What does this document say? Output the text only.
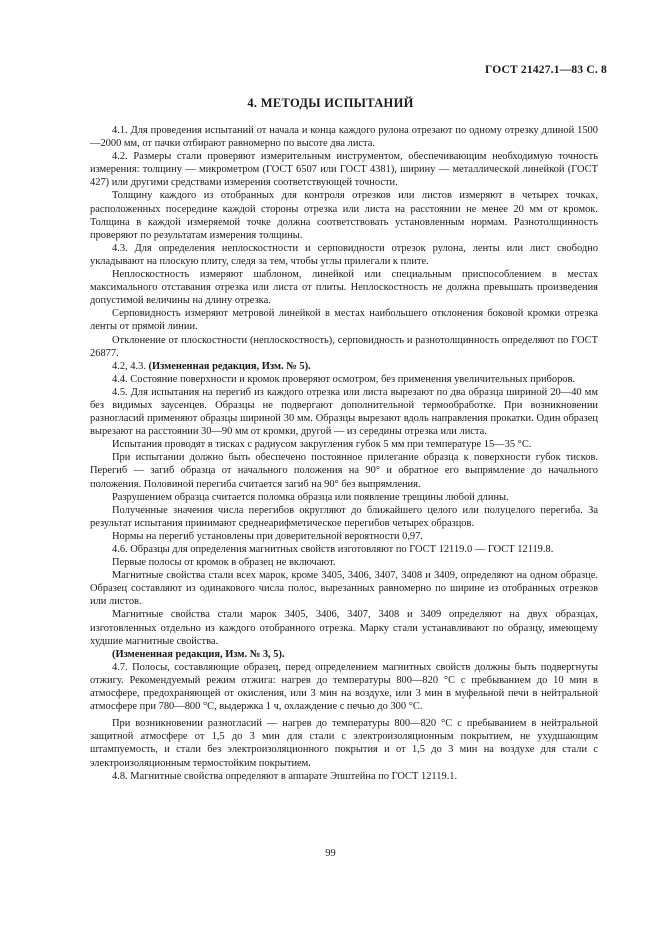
ГОСТ 21427.1—83 С. 8
4. МЕТОДЫ ИСПЫТАНИЙ

4.1. Для проведения испытаний от начала и конца каждого рулона отрезают по одному отрезку длиной 1500—2000 мм, от пачки отбирают равномерно по высоте два листа.

4.2. Размеры стали проверяют измерительным инструментом, обеспечивающим необходимую точность измерения: толщину — микрометром (ГОСТ 6507 или ГОСТ 4381), ширину — металлической линейкой (ГОСТ 427) или другими средствами измерения соответствующей точности.

Толщину каждого из отобранных для контроля отрезков или листов измеряют в четырех точках, расположенных посередине каждой стороны отрезка или листа на расстоянии не менее 20 мм от кромок. Толщина в каждой измеряемой точке должна соответствовать установленным нормам. Разнотолщинность проверяют по результатам измерения толщины.

4.3. Для определения неплоскостности и серповидности отрезок рулона, ленты или лист свободно укладывают на плоскую плиту, следя за тем, чтобы углы прилегали к плите.

Неплоскостность измеряют шаблоном, линейкой или специальным приспособлением в местах максимального отставания отрезка или листа от плиты. Неплоскостность не должна превышать произведения допустимой величины на длину отрезка.

Серповидность измеряют метровой линейкой в местах наибольшего отклонения боковой кромки отрезка ленты от прямой линии.

Отклонение от плоскостности (неплоскостность), серповидность и разнотолщинность определяют по ГОСТ 26877.

4.2, 4.3. (Измененная редакция, Изм. № 5).

4.4. Состояние поверхности и кромок проверяют осмотром, без применения увеличительных приборов.

4.5. Для испытания на перегиб из каждого отрезка или листа вырезают по два образца шириной 20—40 мм без видимых заусенцев. Образцы не подвергают дополнительной термообработке. При возникновении разногласий применяют образцы шириной 30 мм. Образцы вырезают вдоль направления прокатки. Один образец вырезают на расстоянии 30—90 мм от кромки, другой — из середины отрезка или листа.

Испытания проводят в тисках с радиусом закругления губок 5 мм при температуре 15—35 °С.

При испытании должно быть обеспечено постоянное прилегание образца к поверхности губок тисков. Перегиб — загиб образца от начального положения на 90° и обратное его выпрямление до начального положения. Половиной перегиба считается загиб на 90° без выпрямления.

Разрушением образца считается поломка образца или появление трещины любой длины.

Полученные значения числа перегибов округляют до ближайшего целого или полуцелого перегиба. За результат испытания принимают среднеарифметическое перегибов четырех образцов.

Нормы на перегиб установлены при доверительной вероятности 0,97.

4.6. Образцы для определения магнитных свойств изготовляют по ГОСТ 12119.0 — ГОСТ 12119.8.

Первые полосы от кромок в образец не включают.

Магнитные свойства стали всех марок, кроме 3405, 3406, 3407, 3408 и 3409, определяют на одном образце. Образец составляют из одинакового числа полос, вырезанных равномерно по ширине из отобранных отрезков или листов.

Магнитные свойства стали марок 3405, 3406, 3407, 3408 и 3409 определяют на двух образцах, изготовленных отдельно из каждого отобранного отрезка. Марку стали устанавливают по образцу, имеющему худшие магнитные свойства.

(Измененная редакция, Изм. № 3, 5).

4.7. Полосы, составляющие образец, перед определением магнитных свойств должны быть подвергнуты отжигу. Рекомендуемый режим отжига: нагрев до температуры 800—820 °С с пребыванием до 10 мин в атмосфере, предохраняющей от окисления, или 3 мин на воздухе, или 3 мин в муфельной печи в нейтральной атмосфере при 780—800 °С, выдержка 1 ч, охлаждение с печью до 300 °С.

При возникновении разногласий — нагрев до температуры 800—820 °С с пребыванием в нейтральной защитной атмосфере от 1,5 до 3 мин для стали с электроизоляционным покрытием, не ухудшающим штампуемость, и стали без электроизоляционного покрытия и от 1,5 до 3 мин на воздухе для стали с электроизоляционным термостойким покрытием.

4.8. Магнитные свойства определяют в аппарате Эпштейна по ГОСТ 12119.1.

99
